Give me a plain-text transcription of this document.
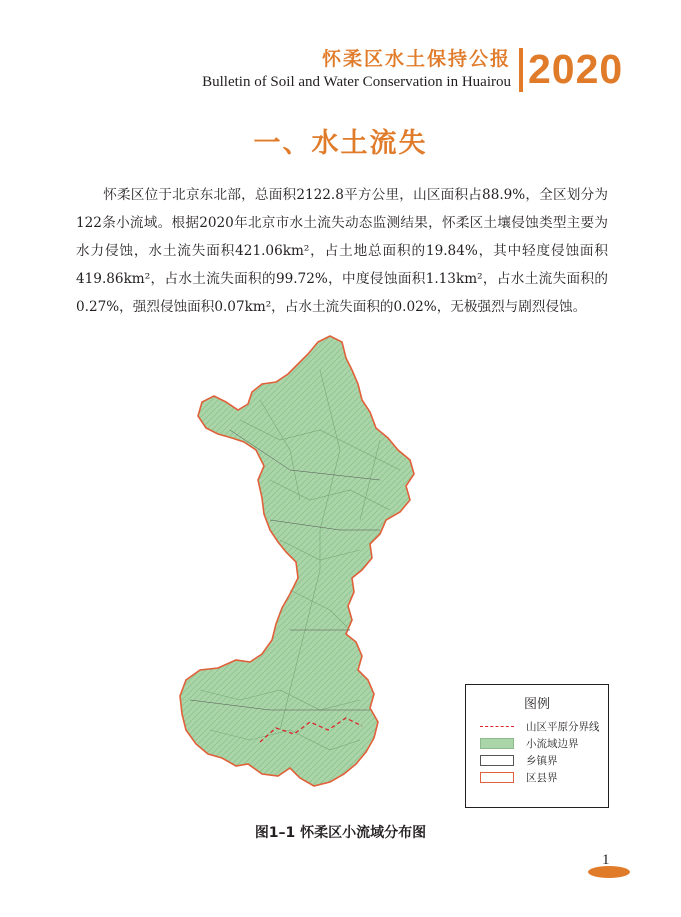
怀柔区水土保持公报
Bulletin of Soil and Water Conservation in Huairou 2020
一、水土流失

怀柔区位于北京东北部，总面积2122.8平方公里，山区面积占88.9%，全区划分为122条小流域。根据2020年北京市水土流失动态监测结果，怀柔区土壤侵蚀类型主要为水力侵蚀，水土流失面积421.06km²，占土地总面积的19.84%，其中轻度侵蚀面积419.86km²，占水土流失面积的99.72%，中度侵蚀面积1.13km²，占水土流失面积的0.27%，强烈侵蚀面积0.07km²，占水土流失面积的0.02%，无极强烈与剧烈侵蚀。

图例
山区平原分界线
小流域边界
乡镇界
区县界
图1–1 怀柔区小流域分布图
1
